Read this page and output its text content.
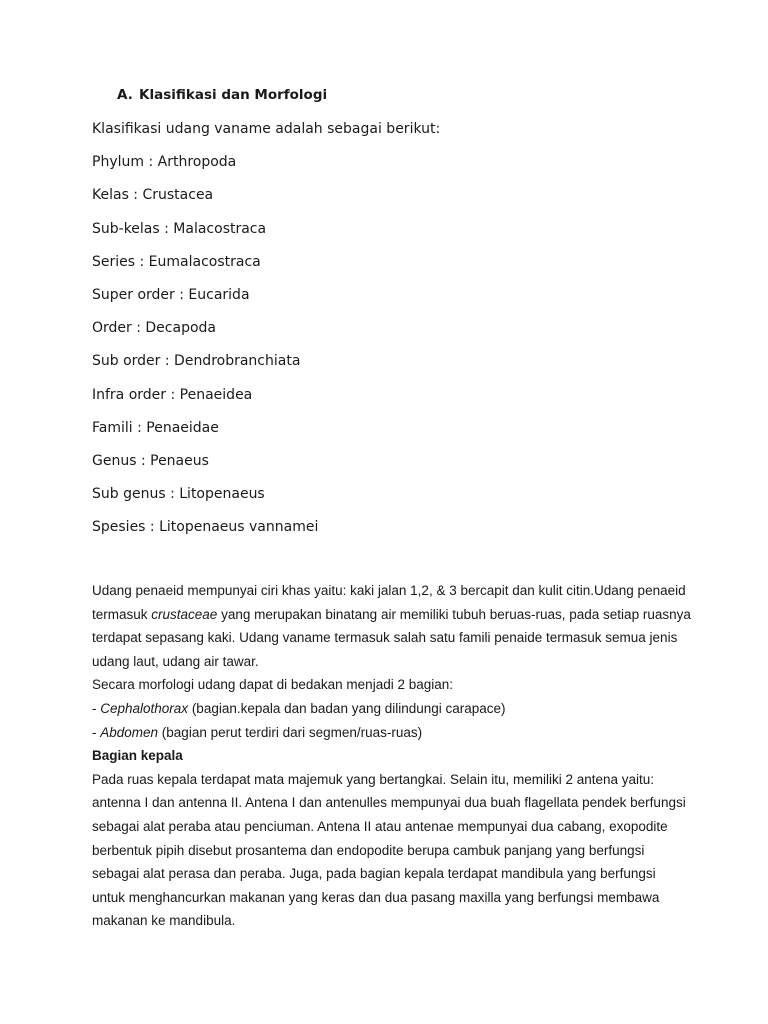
A. Klasifikasi dan Morfologi
Klasifikasi udang vaname adalah sebagai berikut:
Phylum : Arthropoda
Kelas : Crustacea
Sub-kelas : Malacostraca
Series : Eumalacostraca
Super order : Eucarida
Order : Decapoda
Sub order : Dendrobranchiata
Infra order : Penaeidea
Famili : Penaeidae
Genus : Penaeus
Sub genus : Litopenaeus
Spesies : Litopenaeus vannamei

Udang penaeid mempunyai ciri khas yaitu: kaki jalan 1,2, & 3 bercapit dan kulit citin.Udang penaeid termasuk crustaceae yang merupakan binatang air memiliki tubuh beruas-ruas, pada setiap ruasnya terdapat sepasang kaki. Udang vaname termasuk salah satu famili penaide termasuk semua jenis udang laut, udang air tawar.

Secara morfologi udang dapat di bedakan menjadi 2 bagian:

- Cephalothorax (bagian.kepala dan badan yang dilindungi carapace)

- Abdomen (bagian perut terdiri dari segmen/ruas-ruas)

Bagian kepala

Pada ruas kepala terdapat mata majemuk yang bertangkai. Selain itu, memiliki 2 antena yaitu: antenna I dan antenna II. Antena I dan antenulles mempunyai dua buah flagellata pendek berfungsi sebagai alat peraba atau penciuman. Antena II atau antenae mempunyai dua cabang, exopodite berbentuk pipih disebut prosantema dan endopodite berupa cambuk panjang yang berfungsi sebagai alat perasa dan peraba. Juga, pada bagian kepala terdapat mandibula yang berfungsi untuk menghancurkan makanan yang keras dan dua pasang maxilla yang berfungsi membawa makanan ke mandibula.
